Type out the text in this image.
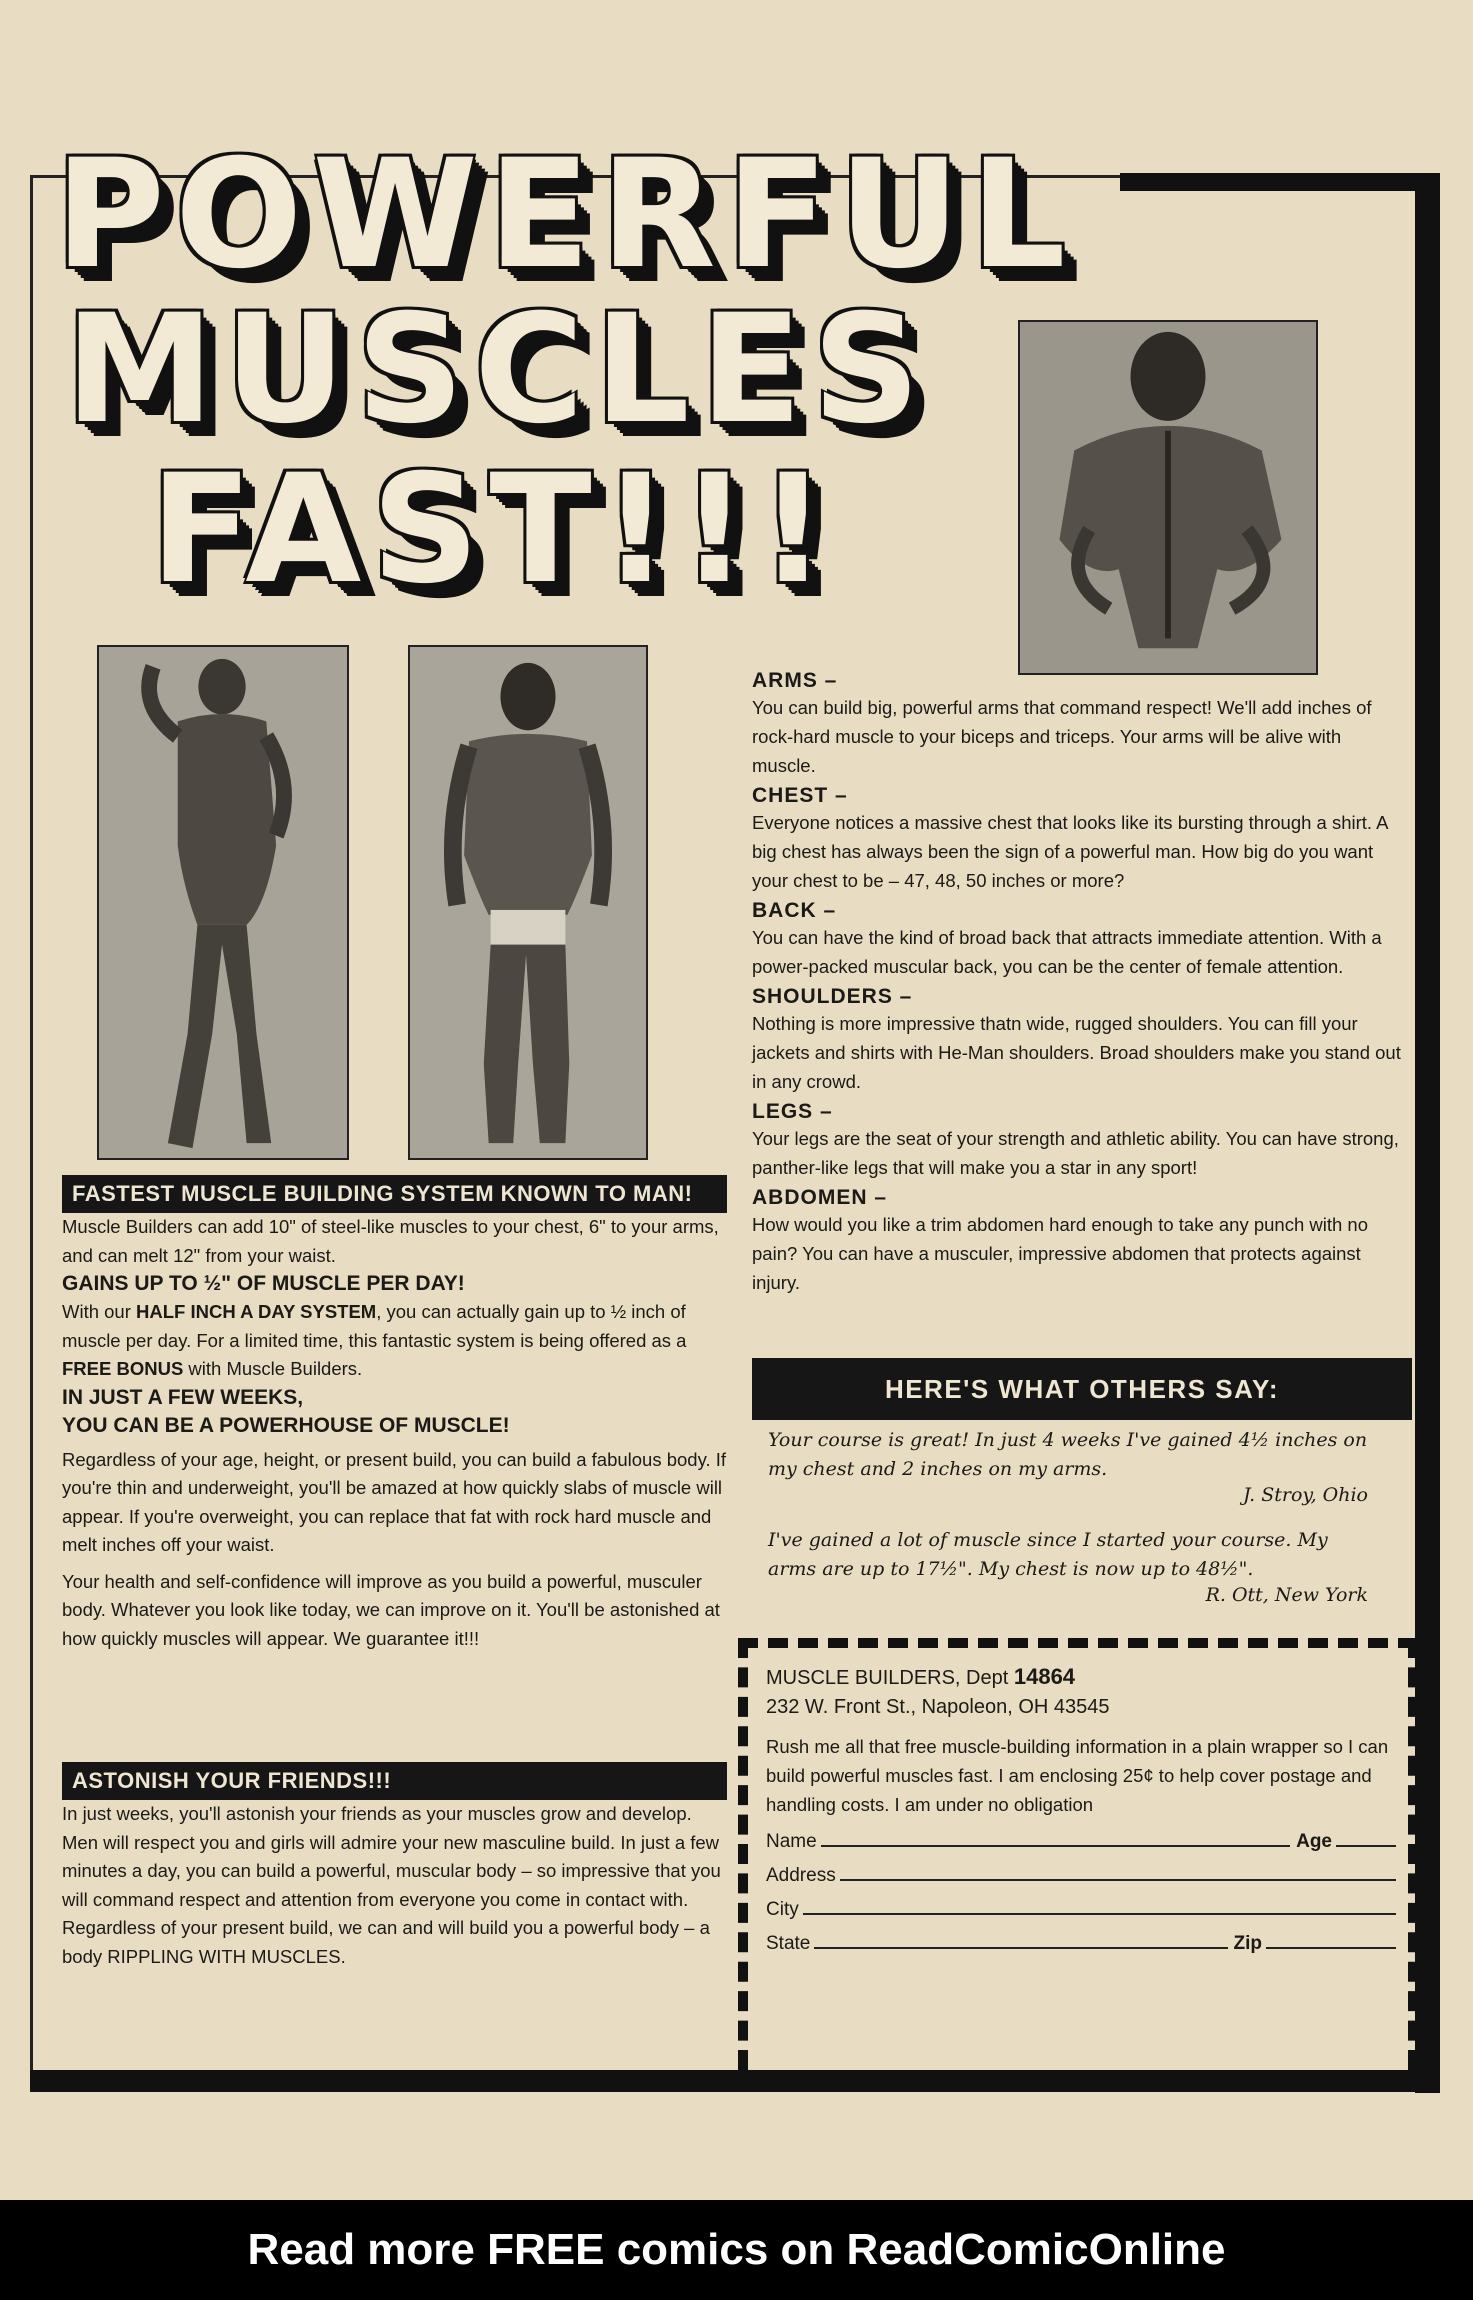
POWERFUL
MUSCLES
FAST!!!
ARMS –
You can build big, powerful arms that command respect! We'll add inches of rock-hard muscle to your biceps and triceps. Your arms will be alive with muscle.
CHEST –
Everyone notices a massive chest that looks like its bursting through a shirt. A big chest has always been the sign of a powerful man. How big do you want your chest to be – 47, 48, 50 inches or more?
BACK –
You can have the kind of broad back that attracts immediate attention. With a power-packed muscular back, you can be the center of female attention.
SHOULDERS –
Nothing is more impressive thatn wide, rugged shoulders. You can fill your jackets and shirts with He-Man shoulders. Broad shoulders make you stand out in any crowd.
LEGS –
Your legs are the seat of your strength and athletic ability. You can have strong, panther-like legs that will make you a star in any sport!
ABDOMEN –
How would you like a trim abdomen hard enough to take any punch with no pain? You can have a musculer, impressive abdomen that protects against injury.
FASTEST MUSCLE BUILDING SYSTEM KNOWN TO MAN!

Muscle Builders can add 10" of steel-like muscles to your chest, 6" to your arms, and can melt 12" from your waist.

GAINS UP TO ½" OF MUSCLE PER DAY!

With our HALF INCH A DAY SYSTEM, you can actually gain up to ½ inch of muscle per day. For a limited time, this fantastic system is being offered as a FREE BONUS with Muscle Builders.

IN JUST A FEW WEEKS,
YOU CAN BE A POWERHOUSE OF MUSCLE!

Regardless of your age, height, or present build, you can build a fabulous body. If you're thin and underweight, you'll be amazed at how quickly slabs of muscle will appear. If you're overweight, you can replace that fat with rock hard muscle and melt inches off your waist.

Your health and self-confidence will improve as you build a powerful, musculer body. Whatever you look like today, we can improve on it. You'll be astonished at how quickly muscles will appear. We guarantee it!!!

ASTONISH YOUR FRIENDS!!!

In just weeks, you'll astonish your friends as your muscles grow and develop. Men will respect you and girls will admire your new masculine build. In just a few minutes a day, you can build a powerful, muscular body – so impressive that you will command respect and attention from everyone you come in contact with. Regardless of your present build, we can and will build you a powerful body – a body RIPPLING WITH MUSCLES.

HERE'S WHAT OTHERS SAY:
Your course is great! In just 4 weeks I've gained 4½ inches on my chest and 2 inches on my arms.
J. Stroy, Ohio
I've gained a lot of muscle since I started your course. My arms are up to 17½". My chest is now up to 48½".
R. Ott, New York
MUSCLE BUILDERS, Dept 14864
232 W. Front St., Napoleon, OH 43545
Rush me all that free muscle-building information in a plain wrapper so I can build powerful muscles fast. I am enclosing 25¢ to help cover postage and handling costs. I am under no obligation
Name	Age
Address
City
State	Zip
Read more FREE comics on ReadComicOnline
